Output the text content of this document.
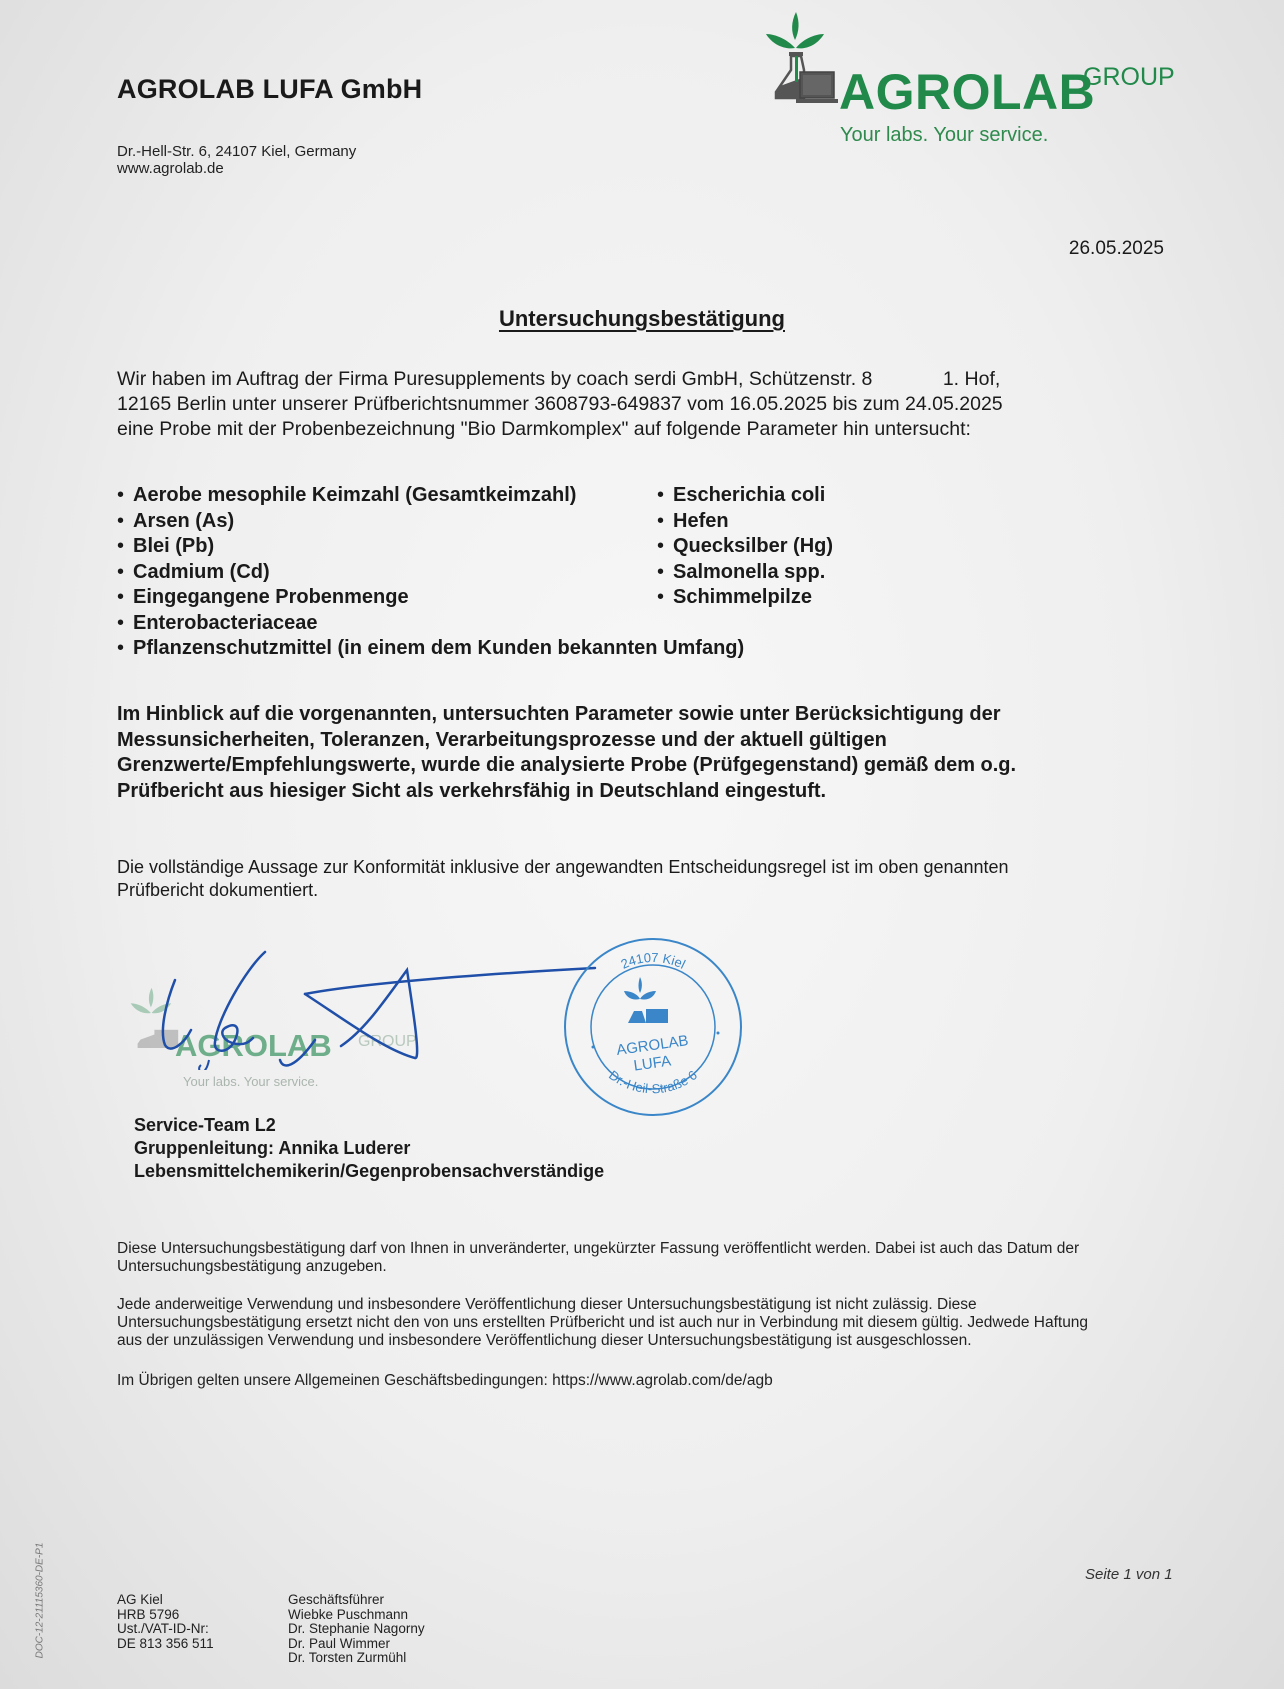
AGROLAB LUFA GmbH
Dr.-Hell-Str. 6, 24107 Kiel, Germany
www.agrolab.de
AGROLAB
GROUP
Your labs. Your service.
26.05.2025
Untersuchungsbestätigung
Wir haben im Auftrag der Firma Puresupplements by coach serdi GmbH, Schützenstr. 8             1. Hof,
12165 Berlin unter unserer Prüfberichtsnummer 3608793-649837 vom 16.05.2025 bis zum 24.05.2025
eine Probe mit der Probenbezeichnung "Bio Darmkomplex" auf folgende Parameter hin untersucht:
• Aerobe mesophile Keimzahl (Gesamtkeimzahl)
• Arsen (As)
• Blei (Pb)
• Cadmium (Cd)
• Eingegangene Probenmenge
• Enterobacteriaceae
• Pflanzenschutzmittel (in einem dem Kunden bekannten Umfang)
• Escherichia coli
• Hefen
• Quecksilber (Hg)
• Salmonella spp.
• Schimmelpilze
Im Hinblick auf die vorgenannten, untersuchten Parameter sowie unter Berücksichtigung der
Messunsicherheiten, Toleranzen, Verarbeitungsprozesse und der aktuell gültigen
Grenzwerte/Empfehlungswerte, wurde die analysierte Probe (Prüfgegenstand) gemäß dem o.g.
Prüfbericht aus hiesiger Sicht als verkehrsfähig in Deutschland eingestuft.
Die vollständige Aussage zur Konformität inklusive der angewandten Entscheidungsregel ist im oben genannten
Prüfbericht dokumentiert.
AGROLAB GROUP
Your labs. Your service.
24107 Kiel
Dr.-Heil-Straße 6
AGROLAB
LUFA
Service-Team L2
Gruppenleitung: Annika Luderer
Lebensmittelchemikerin/Gegenprobensachverständige
Diese Untersuchungsbestätigung darf von Ihnen in unveränderter, ungekürzter Fassung veröffentlicht werden. Dabei ist auch das Datum der
Untersuchungsbestätigung anzugeben.
Jede anderweitige Verwendung und insbesondere Veröffentlichung dieser Untersuchungsbestätigung ist nicht zulässig. Diese
Untersuchungsbestätigung ersetzt nicht den von uns erstellten Prüfbericht und ist auch nur in Verbindung mit diesem gültig. Jedwede Haftung
aus der unzulässigen Verwendung und insbesondere Veröffentlichung dieser Untersuchungsbestätigung ist ausgeschlossen.
Im Übrigen gelten unsere Allgemeinen Geschäftsbedingungen: https://www.agrolab.com/de/agb
Seite 1 von 1
DOC-12-21115360-DE-P1	AG Kiel
HRB 5796
Ust./VAT-ID-Nr:
DE 813 356 511
Geschäftsführer
Wiebke Puschmann
Dr. Stephanie Nagorny
Dr. Paul Wimmer
Dr. Torsten Zurmühl
